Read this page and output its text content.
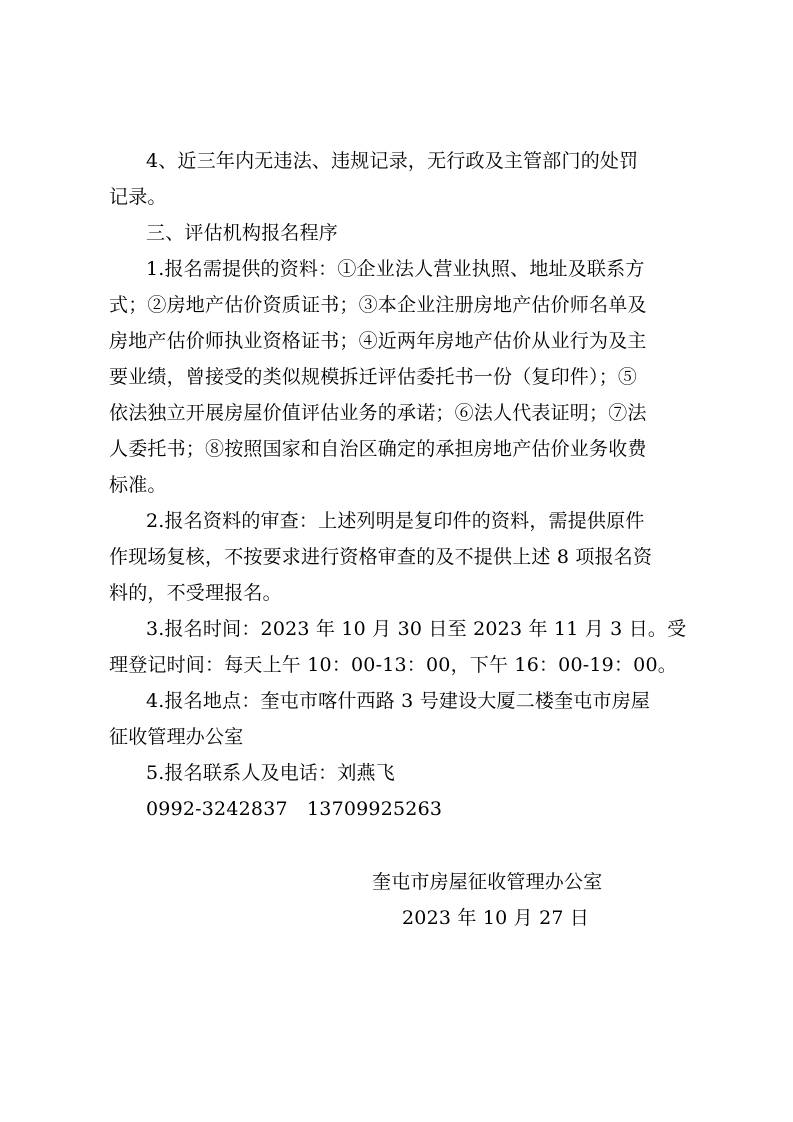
4、近三年内无违法、违规记录，无行政及主管部门的处罚
记录。
三、评估机构报名程序
1.报名需提供的资料：①企业法人营业执照、地址及联系方
式；②房地产估价资质证书；③本企业注册房地产估价师名单及
房地产估价师执业资格证书；④近两年房地产估价从业行为及主
要业绩，曾接受的类似规模拆迁评估委托书一份（复印件）；⑤
依法独立开展房屋价值评估业务的承诺；⑥法人代表证明；⑦法
人委托书；⑧按照国家和自治区确定的承担房地产估价业务收费
标准。
2.报名资料的审查：上述列明是复印件的资料，需提供原件
作现场复核，不按要求进行资格审查的及不提供上述 8 项报名资
料的，不受理报名。
3.报名时间：2023 年 10 月 30 日至 2023 年 11 月 3 日。受
理登记时间：每天上午 10：00-13：00，下午 16：00-19：00。
4.报名地点：奎屯市喀什西路 3 号建设大厦二楼奎屯市房屋
征收管理办公室
5.报名联系人及电话：刘燕飞
0992-3242837　13709925263
奎屯市房屋征收管理办公室
2023 年 10 月 27 日
